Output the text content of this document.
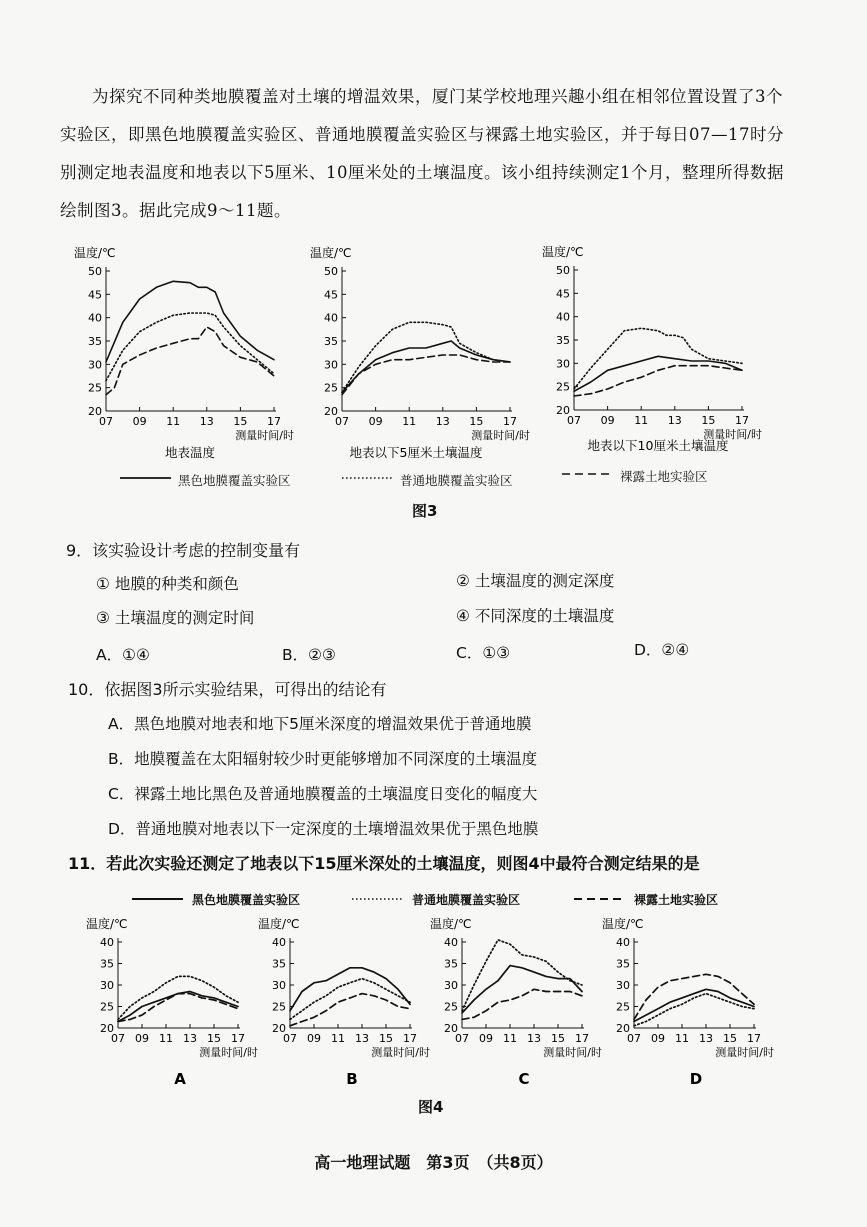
为探究不同种类地膜覆盖对土壤的增温效果，厦门某学校地理兴趣小组在相邻位置设置了3个实验区，即黑色地膜覆盖实验区、普通地膜覆盖实验区与裸露土地实验区，并于每日07—17时分别测定地表温度和地表以下5厘米、10厘米处的土壤温度。该小组持续测定1个月，整理所得数据绘制图3。据此完成9～11题。
温度/℃
20
25
30
35
40
45
50
07 09 11 13 15 17
测量时间/时
地表温度
温度/℃
20
25
30
35
40
45
50
07 09 11 13 15 17
测量时间/时
地表以下5厘米土壤温度
温度/℃
20
25
30
35
40
45
50
07 09 11 13 15 17
测量时间/时
地表以下10厘米土壤温度
黑色地膜覆盖实验区	普通地膜覆盖实验区	裸露土地实验区
图3
9．该实验设计考虑的控制变量有
① 地膜的种类和颜色	② 土壤温度的测定深度
③ 土壤温度的测定时间	④ 不同深度的土壤温度
A．①④	B．②③	C．①③	D．②④
10．依据图3所示实验结果，可得出的结论有
A．黑色地膜对地表和地下5厘米深度的增温效果优于普通地膜
B．地膜覆盖在太阳辐射较少时更能够增加不同深度的土壤温度
C．裸露土地比黑色及普通地膜覆盖的土壤温度日变化的幅度大
D．普通地膜对地表以下一定深度的土壤增温效果优于黑色地膜
11．若此次实验还测定了地表以下15厘米深处的土壤温度，则图4中最符合测定结果的是
黑色地膜覆盖实验区	普通地膜覆盖实验区	裸露土地实验区
温度/℃
20
25
30
35
40
07 09 11 13 15 17
测量时间/时
A
温度/℃
20
25
30
35
40
07 09 11 13 15 17
测量时间/时
B
温度/℃
20
25
30
35
40
07 09 11 13 15 17
测量时间/时
C
温度/℃
20
25
30
35
40
07 09 11 13 15 17
测量时间/时
D
图4
高一地理试题　第3页　（共8页）
